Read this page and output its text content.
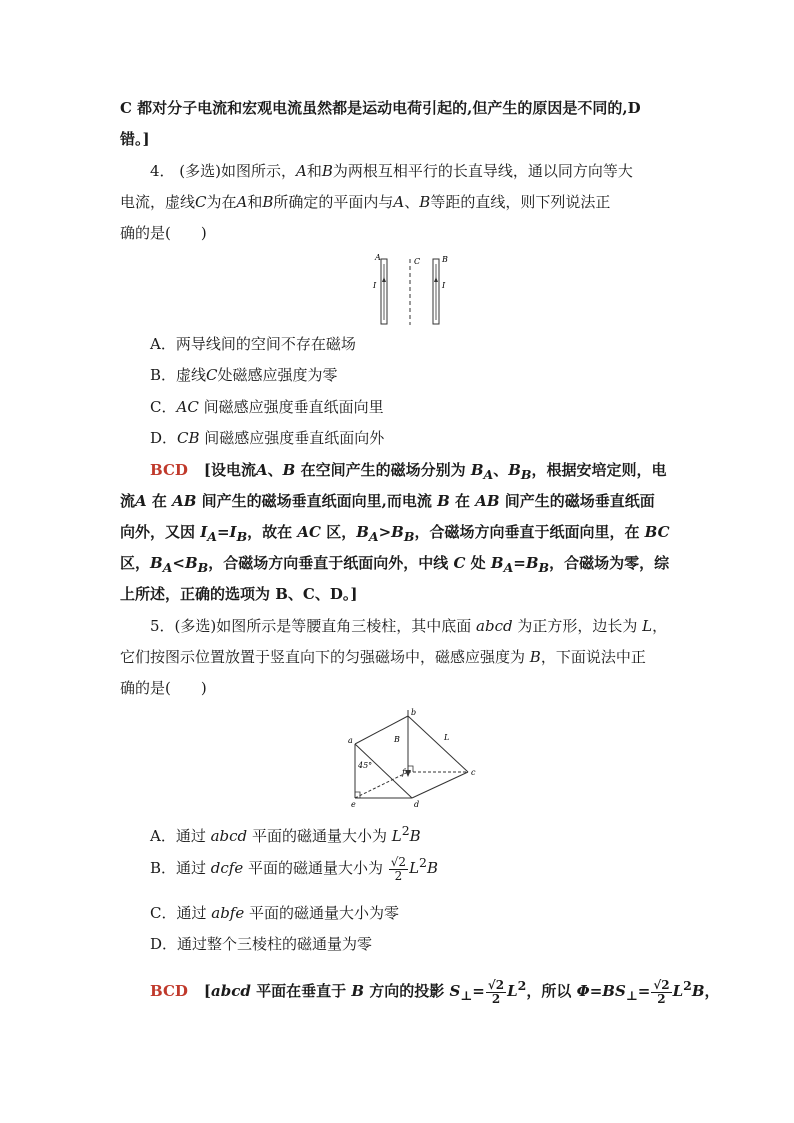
C 都对分子电流和宏观电流虽然都是运动电荷引起的,但产生的原因是不同的,D
错。]
4． (多选)如图所示，A和B为两根互相平行的长直导线，通以同方向等大
电流，虚线C为在A和B所确定的平面内与A、B等距的直线，则下列说法正
确的是(　　)
A	C	B
I	I
A．两导线间的空间不存在磁场
B．虚线C处磁感应强度为零
C．AC 间磁感应强度垂直纸面向里
D．CB 间磁感应强度垂直纸面向外
BCD [设电流A、B 在空间产生的磁场分别为 $B_A$、$B_B$，根据安培定则，电
流A 在 AB 间产生的磁场垂直纸面向里,而电流 B 在 AB 间产生的磁场垂直纸面
向外，又因 $I_A=I_B$，故在 AC 区，$B_A>B_B$，合磁场方向垂直于纸面向里，在 BC
区，$B_A<B_B$，合磁场方向垂直于纸面向外，中线 C 处 $B_A=B_B$，合磁场为零，综
上所述，正确的选项为 B、C、D。]
5．(多选)如图所示是等腰直角三棱柱，其中底面 abcd 为正方形，边长为 L，
它们按图示位置放置于竖直向下的匀强磁场中，磁感应强度为 B，下面说法中正
确的是(　　)
a
b
c
d
e
f
B	L
45°
A．通过 abcd 平面的磁通量大小为 $L^2B$
B．通过 dcfe 平面的磁通量大小为 $\frac{√2}{2} L^2B$
C．通过 abfe 平面的磁通量大小为零
D．通过整个三棱柱的磁通量为零
BCD [abcd 平面在垂直于 B 方向的投影 $S_\perp= \frac{√2}{2} L^2$，所以 $\Phi=BS_\perp= \frac{√2}{2} L^2B$，
